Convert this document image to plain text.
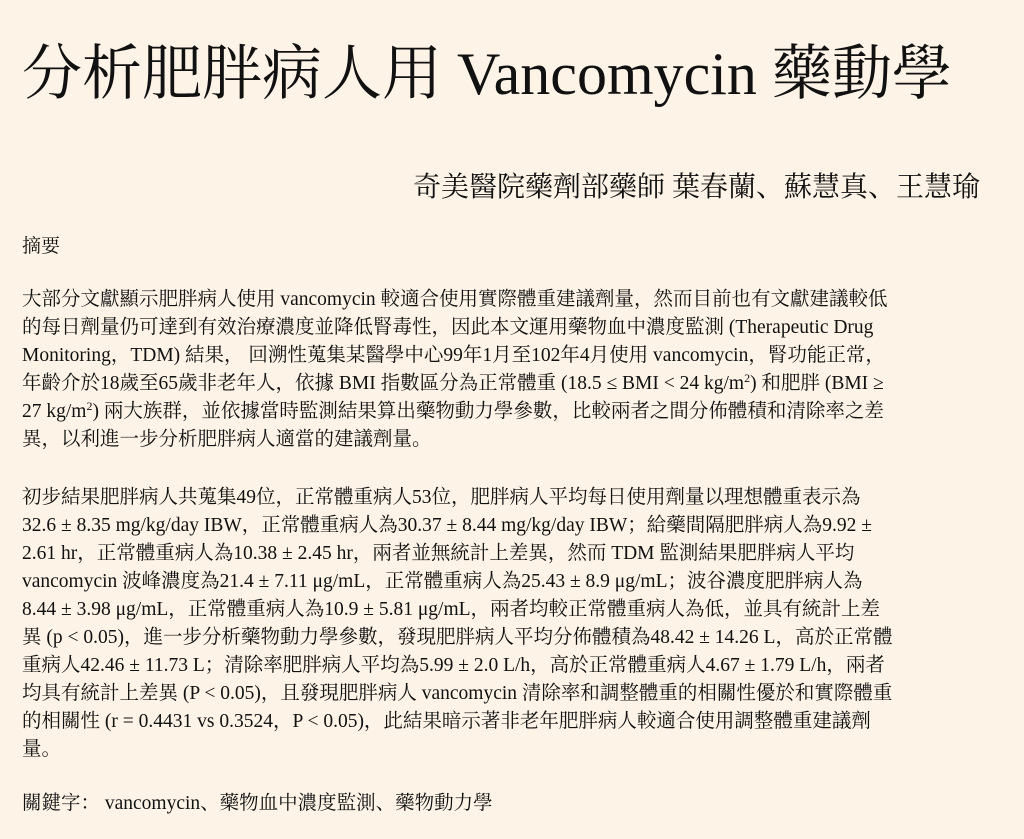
分析肥胖病人用 Vancomycin 藥動學

奇美醫院藥劑部藥師 葉春蘭、蘇慧真、王慧瑜

摘要

大部分文獻顯示肥胖病人使用 vancomycin 較適合使用實際體重建議劑量，然而目前也有文獻建議較低
的每日劑量仍可達到有效治療濃度並降低腎毒性，因此本文運用藥物血中濃度監測 (Therapeutic Drug
Monitoring，TDM) 結果， 回溯性蒐集某醫學中心99年1月至102年4月使用 vancomycin，腎功能正常，
年齡介於18歲至65歲非老年人，依據 BMI 指數區分為正常體重 (18.5 ≤ BMI < 24 $kg/m^2$) 和肥胖 (BMI ≥
27 $kg/m^2$) 兩大族群，並依據當時監測結果算出藥物動力學參數，比較兩者之間分佈體積和清除率之差
異，以利進一步分析肥胖病人適當的建議劑量。

初步結果肥胖病人共蒐集49位，正常體重病人53位，肥胖病人平均每日使用劑量以理想體重表示為
32.6 ± 8.35 mg/kg/day IBW，正常體重病人為30.37 ± 8.44 mg/kg/day IBW；給藥間隔肥胖病人為9.92 ±
2.61 hr，正常體重病人為10.38 ± 2.45 hr，兩者並無統計上差異，然而 TDM 監測結果肥胖病人平均
vancomycin 波峰濃度為21.4 ± 7.11 μg/mL，正常體重病人為25.43 ± 8.9 μg/mL；波谷濃度肥胖病人為
8.44 ± 3.98 μg/mL，正常體重病人為10.9 ± 5.81 μg/mL，兩者均較正常體重病人為低，並具有統計上差
異 (p < 0.05)，進一步分析藥物動力學參數，發現肥胖病人平均分佈體積為48.42 ± 14.26 L，高於正常體
重病人42.46 ± 11.73 L；清除率肥胖病人平均為5.99 ± 2.0 L/h，高於正常體重病人4.67 ± 1.79 L/h，兩者
均具有統計上差異 (P < 0.05)，且發現肥胖病人 vancomycin 清除率和調整體重的相關性優於和實際體重
的相關性 (r = 0.4431 vs 0.3524，P < 0.05)，此結果暗示著非老年肥胖病人較適合使用調整體重建議劑
量。

關鍵字： vancomycin、藥物血中濃度監測、藥物動力學
